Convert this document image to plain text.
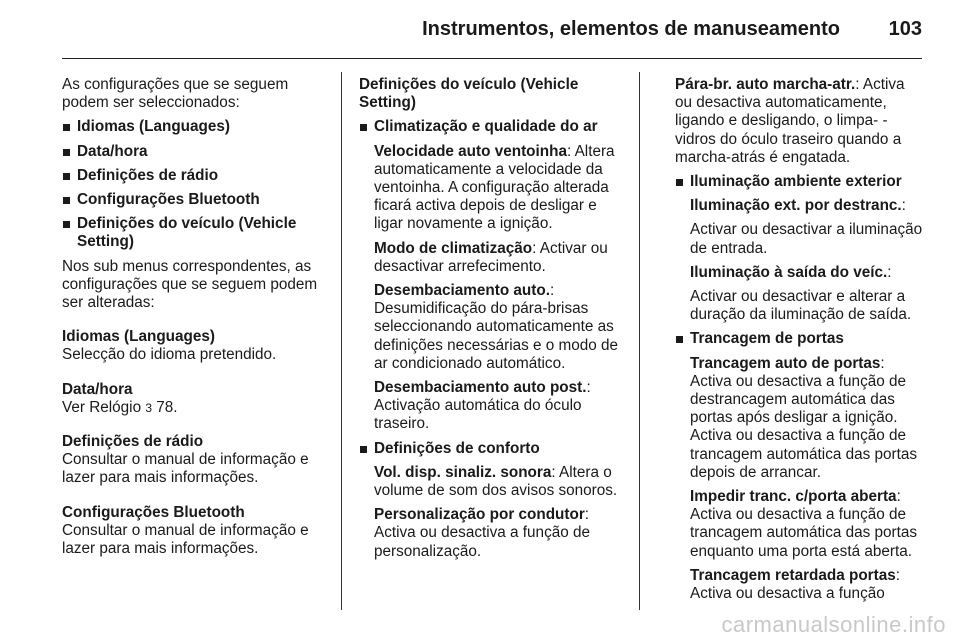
Instrumentos, elementos de manuseamento 103

As configurações que se seguem podem ser seleccionados:

Idiomas (Languages)
Data/hora
Definições de rádio
Configurações Bluetooth
Definições do veículo (Vehicle Setting)

Nos sub menus correspondentes, as configurações que se seguem podem ser alteradas:

Idiomas (Languages)
Selecção do idioma pretendido.
Data/hora
Ver Relógio 3 78.
Definições de rádio
Consultar o manual de informação e lazer para mais informações.
Configurações Bluetooth
Consultar o manual de informação e lazer para mais informações.

Definições do veículo (Vehicle Setting)

Climatização e qualidade do ar

Velocidade auto ventoinha: Altera automaticamente a velocidade da ventoinha. A configuração alterada ficará activa depois de desligar e ligar novamente a ignição.

Modo de climatização: Activar ou desactivar arrefecimento.

Desembaciamento auto.: Desumidificação do pára-brisas seleccionando automaticamente as definições necessárias e o modo de ar condicionado automático.

Desembaciamento auto post.: Activação automática do óculo traseiro.

Definições de conforto

Vol. disp. sinaliz. sonora: Altera o volume de som dos avisos sonoros.

Personalização por condutor: Activa ou desactiva a função de personalização.

Pára-br. auto marcha-atr.: Activa ou desactiva automaticamente, ligando e desligando, o limpa- -vidros do óculo traseiro quando a marcha-atrás é engatada.

Iluminação ambiente exterior

Iluminação ext. por destranc.:

Activar ou desactivar a iluminação de entrada.

Iluminação à saída do veíc.:

Activar ou desactivar e alterar a duração da iluminação de saída.

Trancagem de portas

Trancagem auto de portas: Activa ou desactiva a função de destrancagem automática das portas após desligar a ignição. Activa ou desactiva a função de trancagem automática das portas depois de arrancar.

Impedir tranc. c/porta aberta: Activa ou desactiva a função de trancagem automática das portas enquanto uma porta está aberta.

Trancagem retardada portas: Activa ou desactiva a função

carmanualsonline.info
